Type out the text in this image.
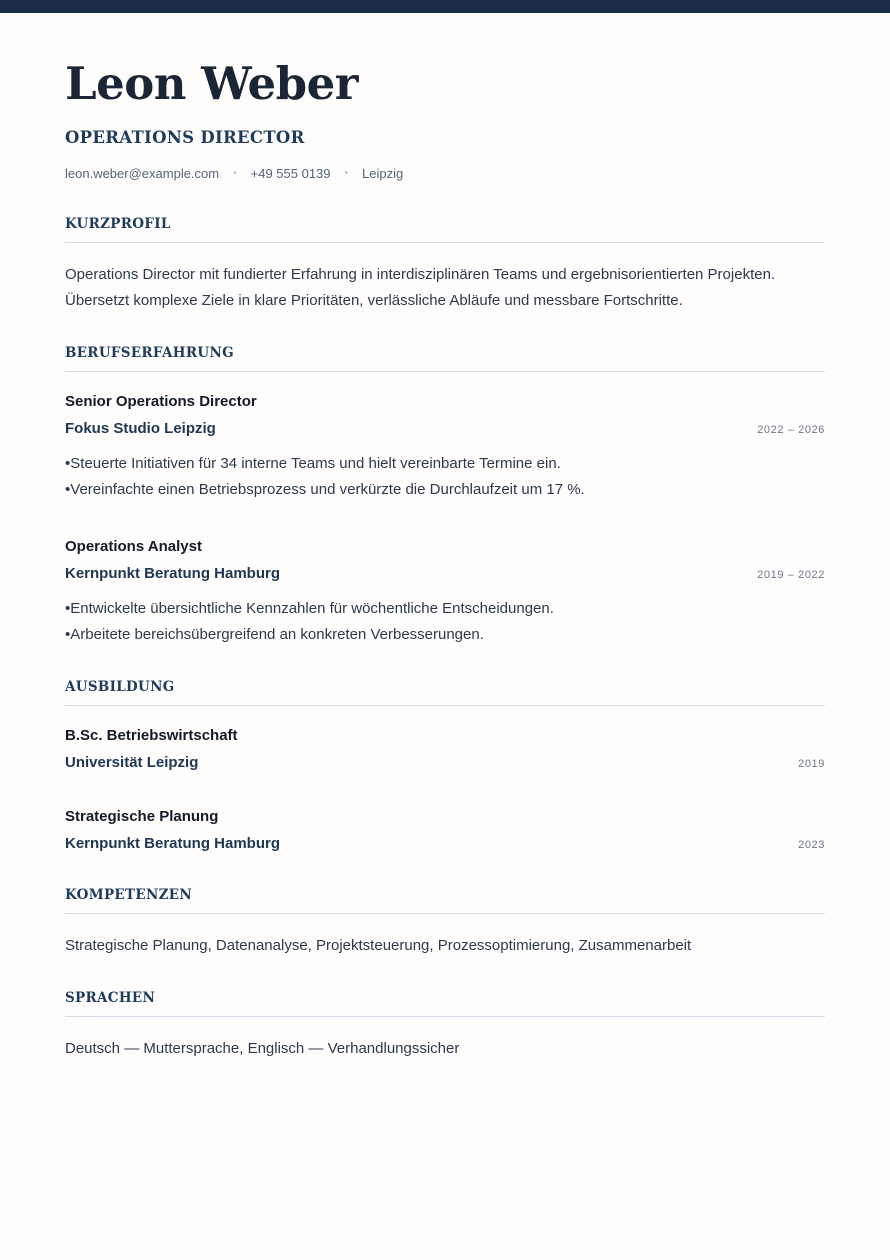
Leon Weber
OPERATIONS DIRECTOR
leon.weber@example.com • +49 555 0139 • Leipzig
KURZPROFIL
Operations Director mit fundierter Erfahrung in interdisziplinären Teams und ergebnisorientierten Projekten.
Übersetzt komplexe Ziele in klare Prioritäten, verlässliche Abläufe und messbare Fortschritte.
BERUFSERFAHRUNG
Senior Operations Director
Fokus Studio Leipzig	2022 – 2026
• Steuerte Initiativen für 34 interne Teams und hielt vereinbarte Termine ein.
• Vereinfachte einen Betriebsprozess und verkürzte die Durchlaufzeit um 17 %.
Operations Analyst
Kernpunkt Beratung Hamburg	2019 – 2022
• Entwickelte übersichtliche Kennzahlen für wöchentliche Entscheidungen.
• Arbeitete bereichsübergreifend an konkreten Verbesserungen.
AUSBILDUNG
B.Sc. Betriebswirtschaft
Universität Leipzig	2019
Strategische Planung
Kernpunkt Beratung Hamburg	2023
KOMPETENZEN
Strategische Planung, Datenanalyse, Projektsteuerung, Prozessoptimierung, Zusammenarbeit
SPRACHEN
Deutsch — Muttersprache, Englisch — Verhandlungssicher
